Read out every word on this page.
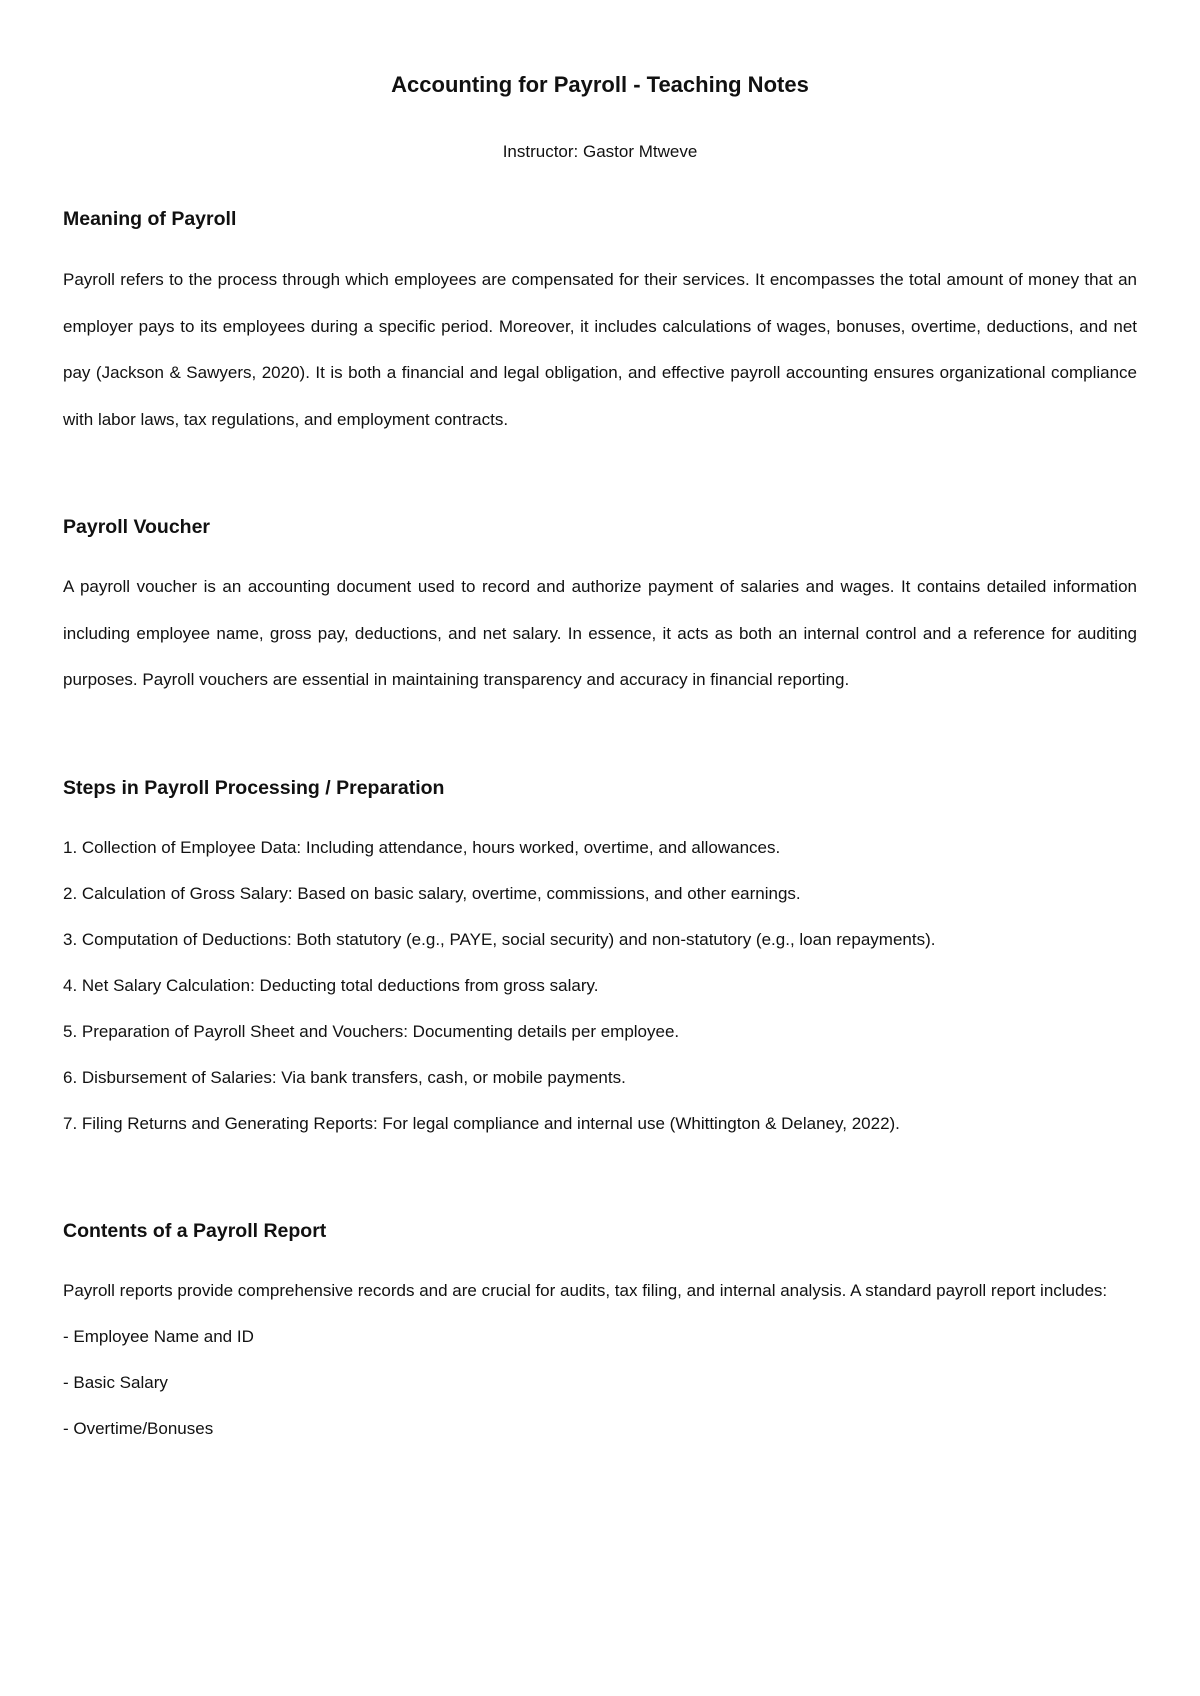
Accounting for Payroll - Teaching Notes
Instructor: Gastor Mtweve
Meaning of Payroll

Payroll refers to the process through which employees are compensated for their services. It encompasses the total amount of money that an employer pays to its employees during a specific period. Moreover, it includes calculations of wages, bonuses, overtime, deductions, and net pay (Jackson & Sawyers, 2020). It is both a financial and legal obligation, and effective payroll accounting ensures organizational compliance with labor laws, tax regulations, and employment contracts.

Payroll Voucher

A payroll voucher is an accounting document used to record and authorize payment of salaries and wages. It contains detailed information including employee name, gross pay, deductions, and net salary. In essence, it acts as both an internal control and a reference for auditing purposes. Payroll vouchers are essential in maintaining transparency and accuracy in financial reporting.

Steps in Payroll Processing / Preparation

1. Collection of Employee Data: Including attendance, hours worked, overtime, and allowances.

2. Calculation of Gross Salary: Based on basic salary, overtime, commissions, and other earnings.

3. Computation of Deductions: Both statutory (e.g., PAYE, social security) and non-statutory (e.g., loan repayments).

4. Net Salary Calculation: Deducting total deductions from gross salary.

5. Preparation of Payroll Sheet and Vouchers: Documenting details per employee.

6. Disbursement of Salaries: Via bank transfers, cash, or mobile payments.

7. Filing Returns and Generating Reports: For legal compliance and internal use (Whittington & Delaney, 2022).

Contents of a Payroll Report

Payroll reports provide comprehensive records and are crucial for audits, tax filing, and internal analysis. A standard payroll report includes:

- Employee Name and ID

- Basic Salary

- Overtime/Bonuses
